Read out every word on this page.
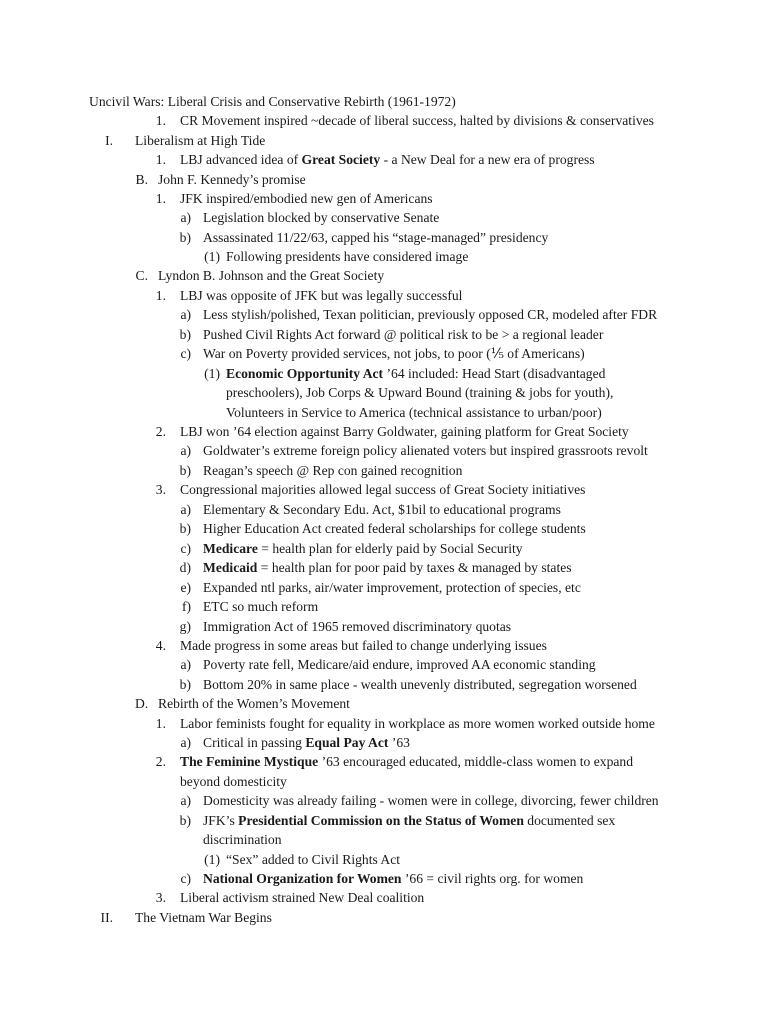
Uncivil Wars: Liberal Crisis and Conservative Rebirth (1961-1972)
1. CR Movement inspired ~decade of liberal success, halted by divisions & conservatives
I. Liberalism at High Tide
1. LBJ advanced idea of Great Society - a New Deal for a new era of progress
B. John F. Kennedy’s promise
1. JFK inspired/embodied new gen of Americans
a) Legislation blocked by conservative Senate
b) Assassinated 11/22/63, capped his “stage-managed” presidency
(1) Following presidents have considered image
C. Lyndon B. Johnson and the Great Society
1. LBJ was opposite of JFK but was legally successful
a) Less stylish/polished, Texan politician, previously opposed CR, modeled after FDR
b) Pushed Civil Rights Act forward @ political risk to be > a regional leader
c) War on Poverty provided services, not jobs, to poor (⅕ of Americans)
(1) Economic Opportunity Act ’64 included: Head Start (disadvantaged
preschoolers), Job Corps & Upward Bound (training & jobs for youth),
Volunteers in Service to America (technical assistance to urban/poor)
2. LBJ won ’64 election against Barry Goldwater, gaining platform for Great Society
a) Goldwater’s extreme foreign policy alienated voters but inspired grassroots revolt
b) Reagan’s speech @ Rep con gained recognition
3. Congressional majorities allowed legal success of Great Society initiatives
a) Elementary & Secondary Edu. Act, $1bil to educational programs
b) Higher Education Act created federal scholarships for college students
c) Medicare = health plan for elderly paid by Social Security
d) Medicaid = health plan for poor paid by taxes & managed by states
e) Expanded ntl parks, air/water improvement, protection of species, etc
f) ETC so much reform
g) Immigration Act of 1965 removed discriminatory quotas
4. Made progress in some areas but failed to change underlying issues
a) Poverty rate fell, Medicare/aid endure, improved AA economic standing
b) Bottom 20% in same place - wealth unevenly distributed, segregation worsened
D. Rebirth of the Women’s Movement
1. Labor feminists fought for equality in workplace as more women worked outside home
a) Critical in passing Equal Pay Act ’63
2. The Feminine Mystique ’63 encouraged educated, middle-class women to expand
beyond domesticity
a) Domesticity was already failing - women were in college, divorcing, fewer children
b) JFK’s Presidential Commission on the Status of Women documented sex
discrimination
(1) “Sex” added to Civil Rights Act
c) National Organization for Women ’66 = civil rights org. for women
3. Liberal activism strained New Deal coalition
II. The Vietnam War Begins
